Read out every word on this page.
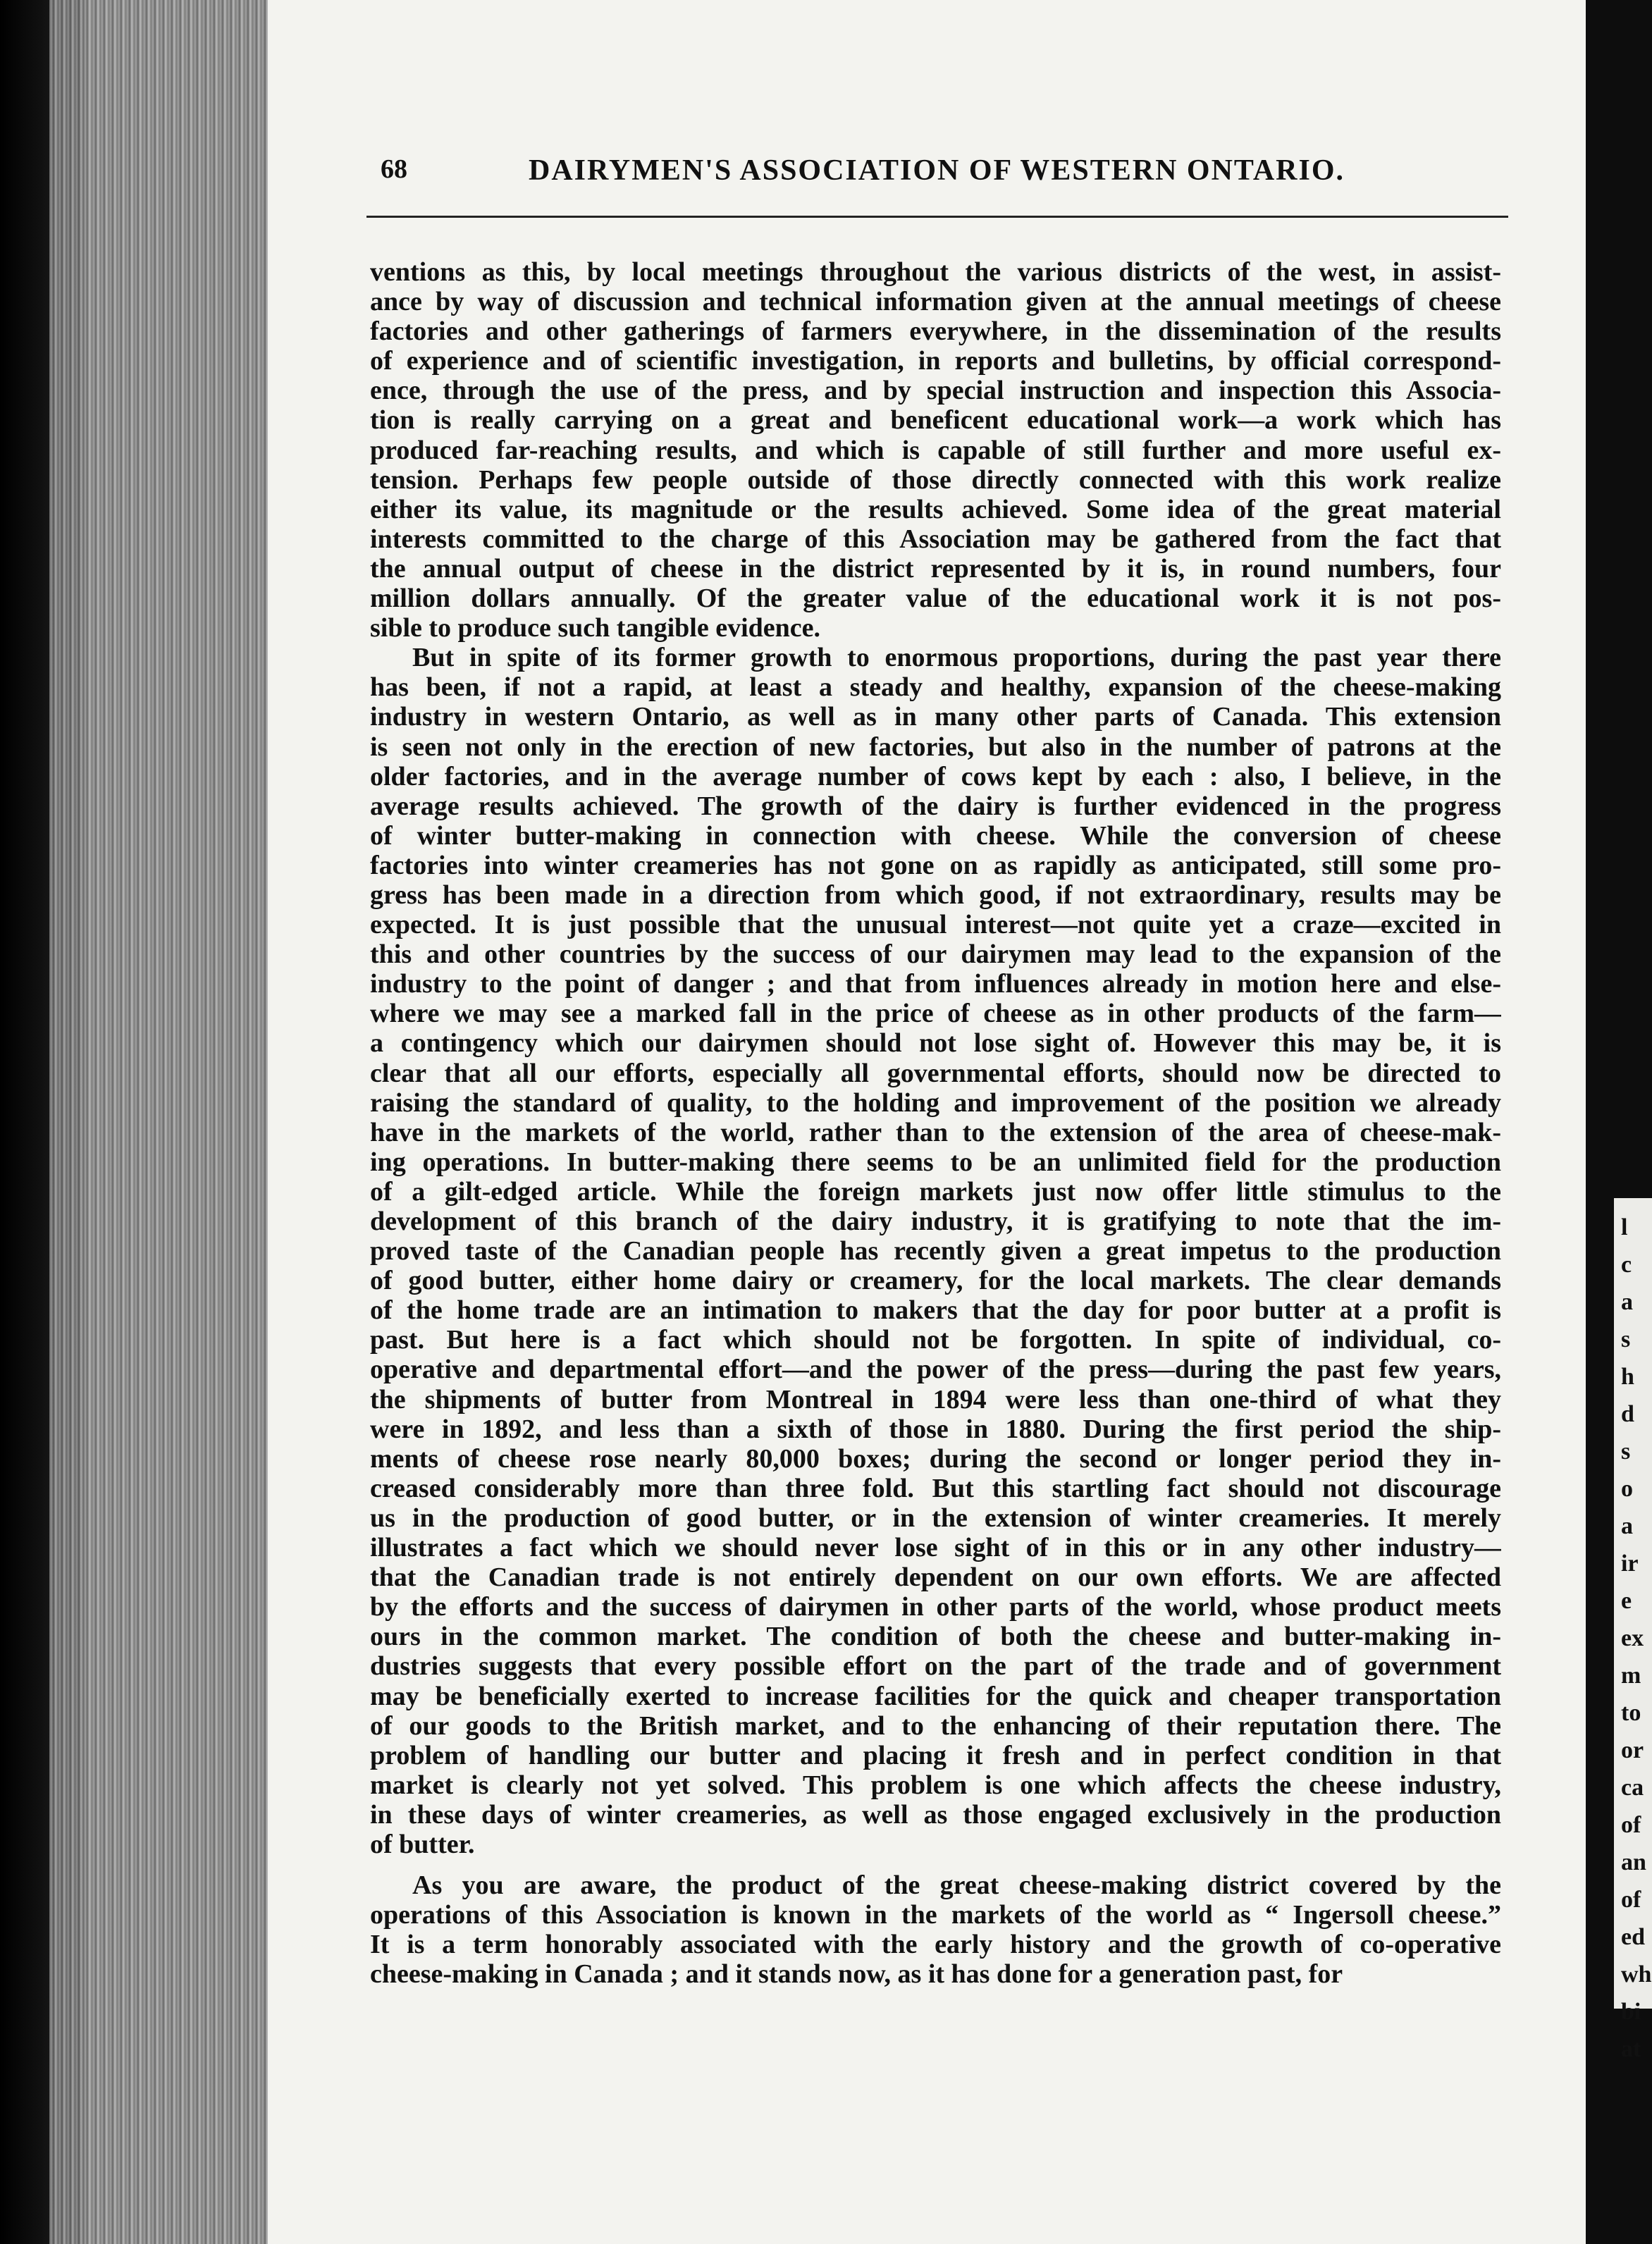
l
c
a
s
h
d
s
o
a
ir
e
ex
m
to
or
ca
of
an
of
ed
wh
bi
at
68	DAIRYMEN'S ASSOCIATION OF WESTERN ONTARIO.
ventions as this, by local meetings throughout the various districts of the west, in assist-
ance by way of discussion and technical information given at the annual meetings of cheese
factories and other gatherings of farmers everywhere, in the dissemination of the results
of experience and of scientific investigation, in reports and bulletins, by official correspond-
ence, through the use of the press, and by special instruction and inspection this Associa-
tion is really carrying on a great and beneficent educational work—a work which has
produced far-reaching results, and which is capable of still further and more useful ex-
tension. Perhaps few people outside of those directly connected with this work realize
either its value, its magnitude or the results achieved. Some idea of the great material
interests committed to the charge of this Association may be gathered from the fact that
the annual output of cheese in the district represented by it is, in round numbers, four
million dollars annually. Of the greater value of the educational work it is not pos-
sible to produce such tangible evidence.
But in spite of its former growth to enormous proportions, during the past year there
has been, if not a rapid, at least a steady and healthy, expansion of the cheese-making
industry in western Ontario, as well as in many other parts of Canada. This extension
is seen not only in the erection of new factories, but also in the number of patrons at the
older factories, and in the average number of cows kept by each : also, I believe, in the
average results achieved. The growth of the dairy is further evidenced in the progress
of winter butter-making in connection with cheese. While the conversion of cheese
factories into winter creameries has not gone on as rapidly as anticipated, still some pro-
gress has been made in a direction from which good, if not extraordinary, results may be
expected. It is just possible that the unusual interest—not quite yet a craze—excited in
this and other countries by the success of our dairymen may lead to the expansion of the
industry to the point of danger ; and that from influences already in motion here and else-
where we may see a marked fall in the price of cheese as in other products of the farm—
a contingency which our dairymen should not lose sight of. However this may be, it is
clear that all our efforts, especially all governmental efforts, should now be directed to
raising the standard of quality, to the holding and improvement of the position we already
have in the markets of the world, rather than to the extension of the area of cheese-mak-
ing operations. In butter-making there seems to be an unlimited field for the production
of a gilt-edged article. While the foreign markets just now offer little stimulus to the
development of this branch of the dairy industry, it is gratifying to note that the im-
proved taste of the Canadian people has recently given a great impetus to the production
of good butter, either home dairy or creamery, for the local markets. The clear demands
of the home trade are an intimation to makers that the day for poor butter at a profit is
past. But here is a fact which should not be forgotten. In spite of individual, co-
operative and departmental effort—and the power of the press—during the past few years,
the shipments of butter from Montreal in 1894 were less than one-third of what they
were in 1892, and less than a sixth of those in 1880. During the first period the ship-
ments of cheese rose nearly 80,000 boxes; during the second or longer period they in-
creased considerably more than three fold. But this startling fact should not discourage
us in the production of good butter, or in the extension of winter creameries. It merely
illustrates a fact which we should never lose sight of in this or in any other industry—
that the Canadian trade is not entirely dependent on our own efforts. We are affected
by the efforts and the success of dairymen in other parts of the world, whose product meets
ours in the common market. The condition of both the cheese and butter-making in-
dustries suggests that every possible effort on the part of the trade and of government
may be beneficially exerted to increase facilities for the quick and cheaper transportation
of our goods to the British market, and to the enhancing of their reputation there. The
problem of handling our butter and placing it fresh and in perfect condition in that
market is clearly not yet solved. This problem is one which affects the cheese industry,
in these days of winter creameries, as well as those engaged exclusively in the production
of butter.
As you are aware, the product of the great cheese-making district covered by the
operations of this Association is known in the markets of the world as “ Ingersoll cheese.”
It is a term honorably associated with the early history and the growth of co-operative
cheese-making in Canada ; and it stands now, as it has done for a generation past, for
